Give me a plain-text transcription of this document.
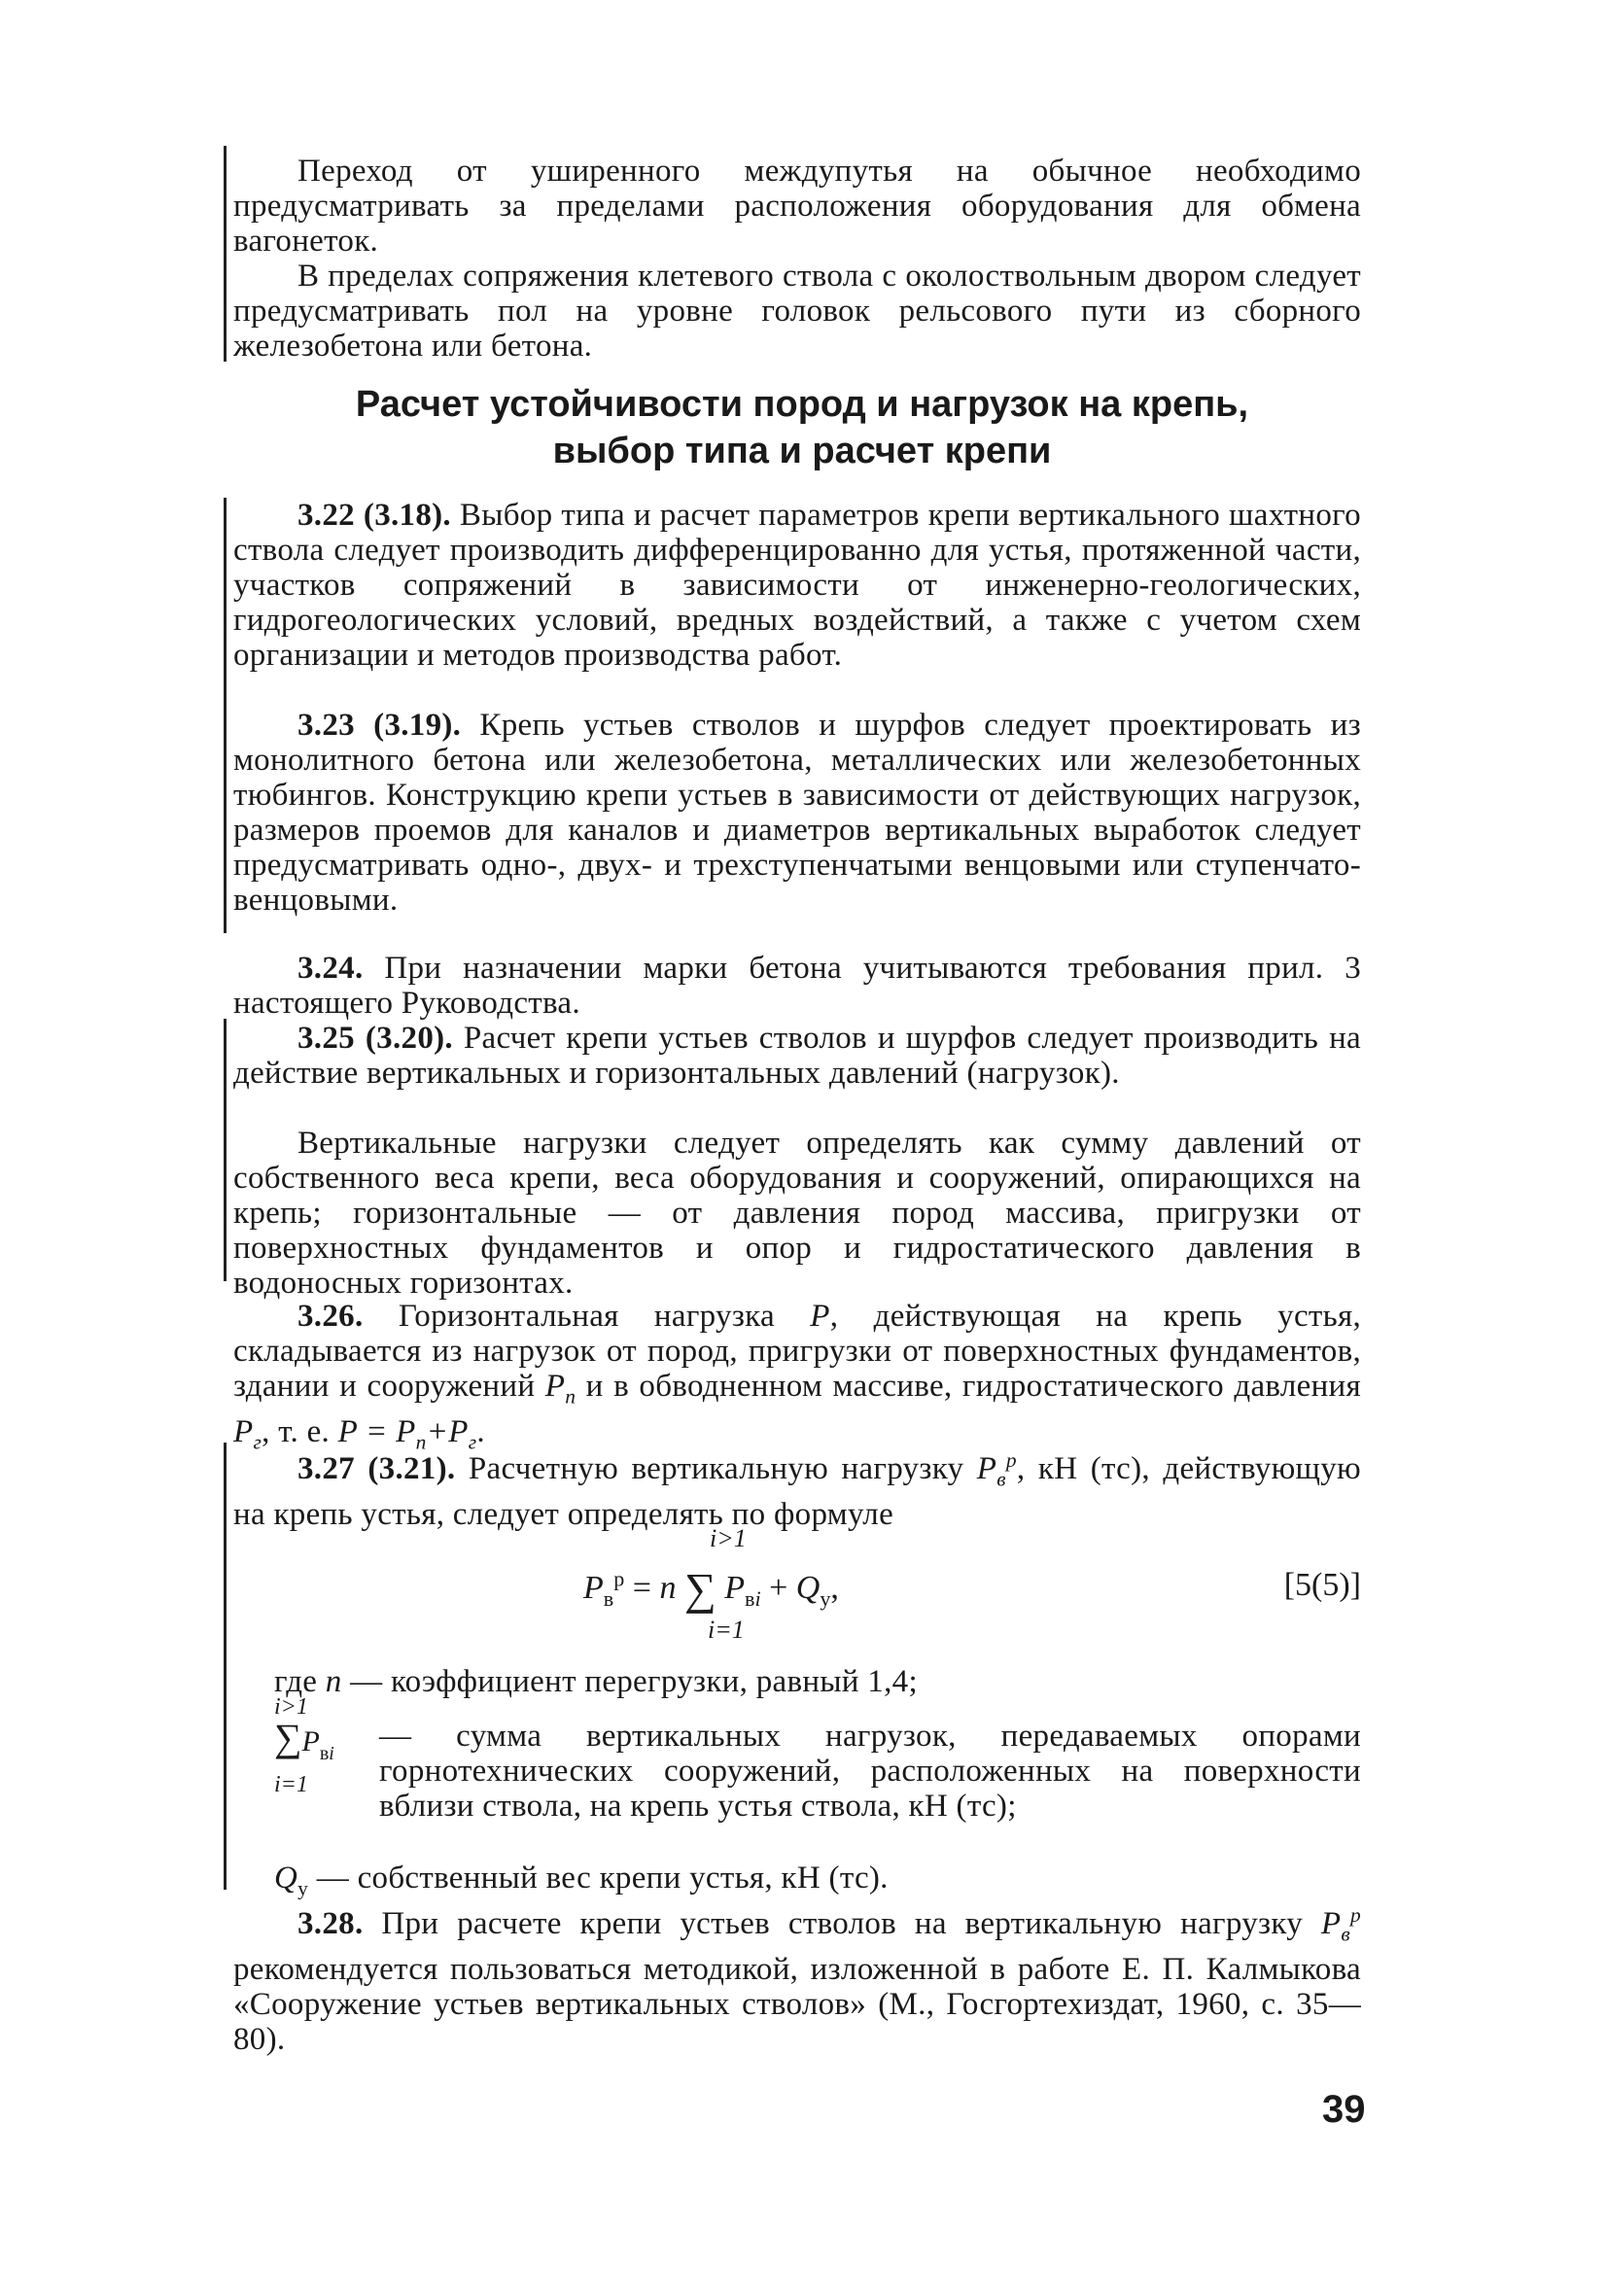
Переход от уширенного междупутья на обычное необходимо предусматривать за пределами расположения оборудования для обмена вагонеток.

В пределах сопряжения клетевого ствола с околоствольным двором следует предусматривать пол на уровне головок рельсового пути из сборного железобетона или бетона.

Расчет устойчивости пород и нагрузок на крепь,
выбор типа и расчет крепи

3.22 (3.18). Выбор типа и расчет параметров крепи вертикального шахтного ствола следует производить дифференцированно для устья, протяженной части, участков сопряжений в зависимости от инженерно-геологических, гидрогеологических условий, вредных воздействий, а также с учетом схем организации и методов производства работ.

3.23 (3.19). Крепь устьев стволов и шурфов следует проектировать из монолитного бетона или железобетона, металлических или железобетонных тюбингов. Конструкцию крепи устьев в зависимости от действующих нагрузок, размеров проемов для каналов и диаметров вертикальных выработок следует предусматривать одно-, двух- и трехступенчатыми венцовыми или ступенчато-венцовыми.

3.24. При назначении марки бетона учитываются требования прил. 3 настоящего Руководства.

3.25 (3.20). Расчет крепи устьев стволов и шурфов следует производить на действие вертикальных и горизонтальных давлений (нагрузок).

Вертикальные нагрузки следует определять как сумму давлений от собственного веса крепи, веса оборудования и сооружений, опирающихся на крепь; горизонтальные — от давления пород массива, пригрузки от поверхностных фундаментов и опор и гидростатического давления в водоносных горизонтах.

3.26. Горизонтальная нагрузка P, действующая на крепь устья, складывается из нагрузок от пород, пригрузки от поверхностных фундаментов, здании и сооружений $P_п$ и в обводненном массиве, гидростатического давления $P_г$, т. е. $P = P_п+P_г$.

3.27 (3.21). Расчетную вертикальную нагрузку $P_в^р$, кН (тс), действующую на крепь устья, следует определять по формуле

i>1
$P_в^р = n$ ∑ $P_{вi} + Q_у$,
i=1
[5(5)]

где n — коэффициент перегрузки, равный 1,4;

i>1
$\sum P_{вi}$
i=1

— сумма вертикальных нагрузок, передаваемых опорами горнотехнических сооружений, расположенных на поверхности вблизи ствола, на крепь устья ствола, кН (тс);

$Q_у$ — собственный вес крепи устья, кН (тс).

3.28. При расчете крепи устьев стволов на вертикальную нагрузку $P_в^р$ рекомендуется пользоваться методикой, изложенной в работе Е. П. Калмыкова «Сооружение устьев вертикальных стволов» (М., Госгортехиздат, 1960, с. 35—80).

39
